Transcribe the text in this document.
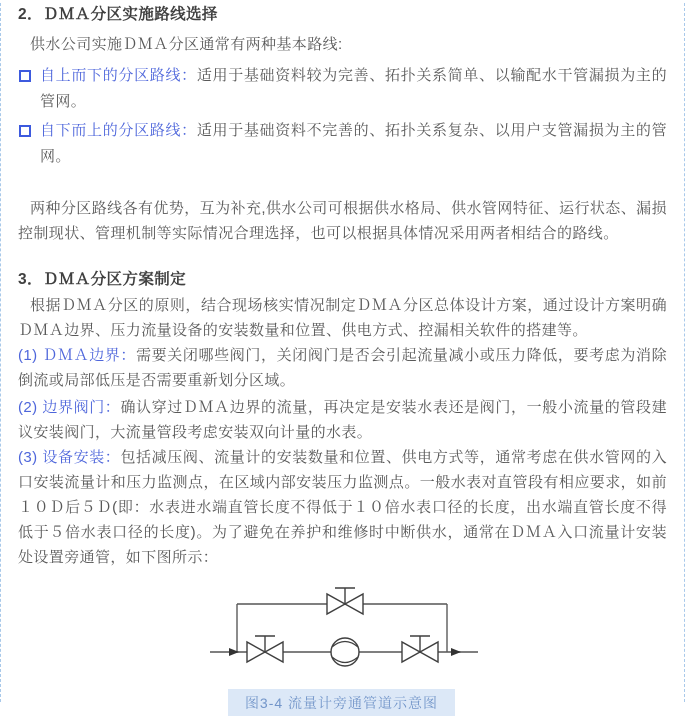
2．ＤＭＡ分区实施路线选择

供水公司实施ＤＭＡ分区通常有两种基本路线:

自上而下的分区路线：适用于基础资料较为完善、拓扑关系简单、以输配水干管漏损为主的管网。
自下而上的分区路线：适用于基础资料不完善的、拓扑关系复杂、以用户支管漏损为主的管网。

两种分区路线各有优势，互为补充,供水公司可根据供水格局、供水管网特征、运行状态、漏损控制现状、管理机制等实际情况合理选择，也可以根据具体情况采用两者相结合的路线。

3．ＤＭＡ分区方案制定

根据ＤＭＡ分区的原则，结合现场核实情况制定ＤＭＡ分区总体设计方案，通过设计方案明确ＤＭＡ边界、压力流量设备的安装数量和位置、供电方式、控漏相关软件的搭建等。

(1) ＤＭＡ边界：需要关闭哪些阀门，关闭阀门是否会引起流量减小或压力降低，要考虑为消除倒流或局部低压是否需要重新划分区域。

(2) 边界阀门：确认穿过ＤＭＡ边界的流量，再决定是安装水表还是阀门，一般小流量的管段建议安装阀门，大流量管段考虑安装双向计量的水表。

(3) 设备安装：包括减压阀、流量计的安装数量和位置、供电方式等，通常考虑在供水管网的入口安装流量计和压力监测点，在区域内部安装压力监测点。一般水表对直管段有相应要求，如前１０Ｄ后５Ｄ(即：水表进水端直管长度不得低于１０倍水表口径的长度，出水端直管长度不得低于５倍水表口径的长度)。为了避免在养护和维修时中断供水，通常在ＤＭＡ入口流量计安装处设置旁通管，如下图所示：

图3-4 流量计旁通管道示意图
